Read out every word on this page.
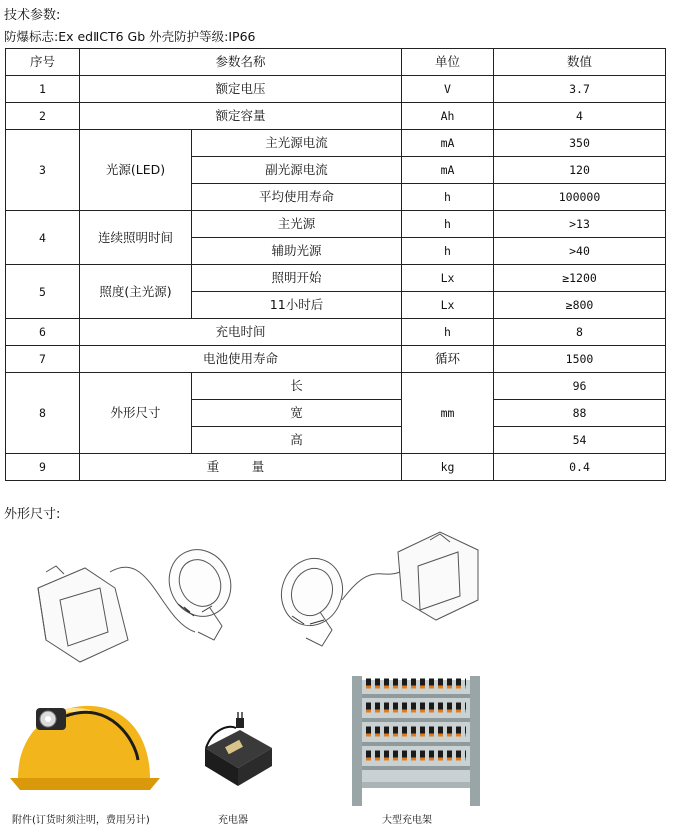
技术参数:
防爆标志:Ex edⅡCT6 Gb 外壳防护等级:IP66
序号	参数名称		单位	数值
1	额定电压		V	3.7
2	额定容量		Ah	4
3	光源(LED)	主光源电流	mA	350
		副光源电流	mA	120
		平均使用寿命	h	100000
4	连续照明时间	主光源	h	>13
		辅助光源	h	>40
5	照度(主光源)	照明开始	Lx	≥1200
		11小时后	Lx	≥800
6	充电时间		h	8
7	电池使用寿命		循环	1500
8	外形尺寸	长	mm	96
		宽		88
		高		54
9	重　量		kg	0.4
外形尺寸:
附件(订货时须注明，费用另计)	充电器	大型充电架
